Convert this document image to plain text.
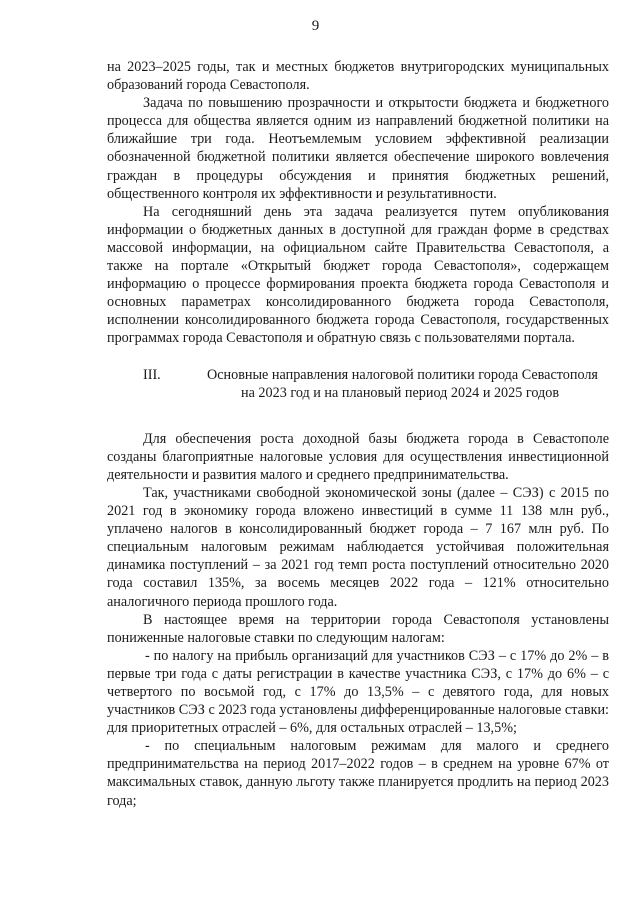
9

на 2023–2025 годы, так и местных бюджетов внутригородских муниципальных образований города Севастополя.

Задача по повышению прозрачности и открытости бюджета и бюджетного процесса для общества является одним из направлений бюджетной политики на ближайшие три года. Неотъемлемым условием эффективной реализации обозначенной бюджетной политики является обеспечение широкого вовлечения граждан в процедуры обсуждения и принятия бюджетных решений, общественного контроля их эффективности и результативности.

На сегодняшний день эта задача реализуется путем опубликования информации о бюджетных данных в доступной для граждан форме в средствах массовой информации, на официальном сайте Правительства Севастополя, а также на портале «Открытый бюджет города Севастополя», содержащем информацию о процессе формирования проекта бюджета города Севастополя и основных параметрах консолидированного бюджета города Севастополя, исполнении консолидированного бюджета города Севастополя, государственных программах города Севастополя и обратную связь с пользователями портала.

III.	Основные направления налоговой политики города Севастополя
на 2023 год и на плановый период 2024 и 2025 годов

Для обеспечения роста доходной базы бюджета города в Севастополе созданы благоприятные налоговые условия для осуществления инвестиционной деятельности и развития малого и среднего предпринимательства.

Так, участниками свободной экономической зоны (далее – СЭЗ) с 2015 по 2021 год в экономику города вложено инвестиций в сумме 11 138 млн руб., уплачено налогов в консолидированный бюджет города – 7 167 млн руб. По специальным налоговым режимам наблюдается устойчивая положительная динамика поступлений – за 2021 год темп роста поступлений относительно 2020 года составил 135%, за восемь месяцев 2022 года – 121% относительно аналогичного периода прошлого года.

В настоящее время на территории города Севастополя установлены пониженные налоговые ставки по следующим налогам:

- по налогу на прибыль организаций для участников СЭЗ – с 17% до 2% – в первые три года с даты регистрации в качестве участника СЭЗ, с 17% до 6% – с четвертого по восьмой год, с 17% до 13,5% – с девятого года, для новых участников СЭЗ с 2023 года установлены дифференцированные налоговые ставки: для приоритетных отраслей – 6%, для остальных отраслей – 13,5%;

- по специальным налоговым режимам для малого и среднего предпринимательства на период 2017–2022 годов – в среднем на уровне 67% от максимальных ставок, данную льготу также планируется продлить на период 2023 года;
